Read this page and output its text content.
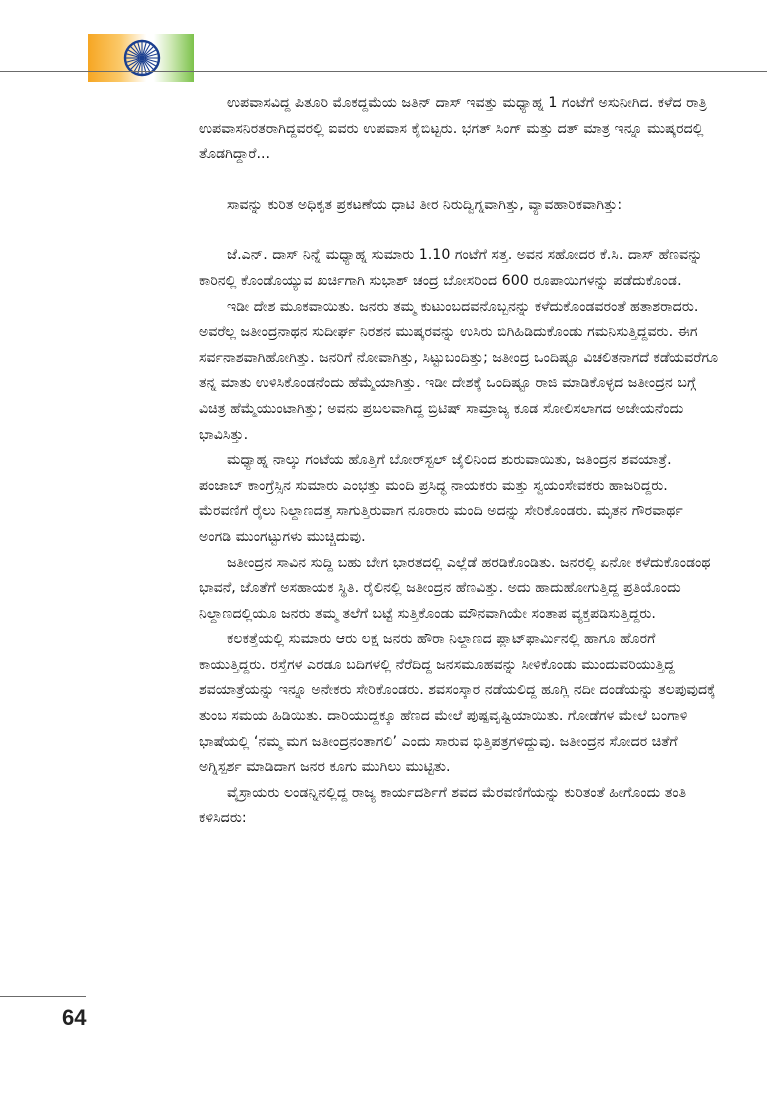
ಉಪವಾಸವಿದ್ದ ಪಿತೂರಿ ಮೊಕದ್ದಮೆಯ ಜತಿನ್ ದಾಸ್ ಇವತ್ತು ಮಧ್ಯಾಹ್ನ 1 ಗಂಟೆಗೆ ಅಸುನೀಗಿದ. ಕಳೆದ ರಾತ್ರಿ ಉಪವಾಸನಿರತರಾಗಿದ್ದವರಲ್ಲಿ ಐವರು ಉಪವಾಸ ಕೈಬಿಟ್ಟರು. ಭಗತ್ ಸಿಂಗ್ ಮತ್ತು ದತ್ ಮಾತ್ರ ಇನ್ನೂ ಮುಷ್ಕರದಲ್ಲಿ ತೊಡಗಿದ್ದಾರೆ...

ಸಾವನ್ನು ಕುರಿತ ಅಧಿಕೃತ ಪ್ರಕಟಣೆಯ ಧಾಟಿ ತೀರ ನಿರುದ್ವಿಗ್ನವಾಗಿತ್ತು, ವ್ಯಾವಹಾರಿಕವಾಗಿತ್ತು:

ಜೆ.ಎನ್. ದಾಸ್ ನಿನ್ನೆ ಮಧ್ಯಾಹ್ನ ಸುಮಾರು 1.10 ಗಂಟೆಗೆ ಸತ್ತ. ಅವನ ಸಹೋದರ ಕೆ.ಸಿ. ದಾಸ್ ಹೆಣವನ್ನು ಕಾರಿನಲ್ಲಿ ಕೊಂಡೊಯ್ಯುವ ಖರ್ಚಿಗಾಗಿ ಸುಭಾಶ್ ಚಂದ್ರ ಬೋಸರಿಂದ 600 ರೂಪಾಯಿಗಳನ್ನು ಪಡೆದುಕೊಂಡ.

ಇಡೀ ದೇಶ ಮೂಕವಾಯಿತು. ಜನರು ತಮ್ಮ ಕುಟುಂಬದವನೊಬ್ಬನನ್ನು ಕಳೆದುಕೊಂಡವರಂತೆ ಹತಾಶರಾದರು. ಅವರೆಲ್ಲ ಜತೀಂದ್ರನಾಥನ ಸುದೀರ್ಘ ನಿರಶನ ಮುಷ್ಕರವನ್ನು ಉಸಿರು ಬಿಗಿಹಿಡಿದುಕೊಂಡು ಗಮನಿಸುತ್ತಿದ್ದವರು. ಈಗ ಸರ್ವನಾಶವಾಗಿಹೋಗಿತ್ತು. ಜನರಿಗೆ ನೋವಾಗಿತ್ತು, ಸಿಟ್ಟುಬಂದಿತ್ತು; ಜತೀಂದ್ರ ಒಂದಿಷ್ಟೂ ವಿಚಲಿತನಾಗದೆ ಕಡೆಯವರೆಗೂ ತನ್ನ ಮಾತು ಉಳಿಸಿಕೊಂಡನೆಂದು ಹೆಮ್ಮೆಯಾಗಿತ್ತು. ಇಡೀ ದೇಶಕ್ಕೆ ಒಂದಿಷ್ಟೂ ರಾಜಿ ಮಾಡಿಕೊಳ್ಳದ ಜತೀಂದ್ರನ ಬಗ್ಗೆ ವಿಚಿತ್ರ ಹೆಮ್ಮೆಯುಂಟಾಗಿತ್ತು; ಅವನು ಪ್ರಬಲವಾಗಿದ್ದ ಬ್ರಿಟಿಷ್ ಸಾಮ್ರಾಜ್ಯ ಕೂಡ ಸೋಲಿಸಲಾಗದ ಅಜೇಯನೆಂದು ಭಾವಿಸಿತ್ತು.

ಮಧ್ಯಾಹ್ನ ನಾಲ್ಕು ಗಂಟೆಯ ಹೊತ್ತಿಗೆ ಬೋರ್‌ಸ್ಟಲ್ ಜೈಲಿನಿಂದ ಶುರುವಾಯಿತು, ಜತಿಂದ್ರನ ಶವಯಾತ್ರೆ. ಪಂಜಾಬ್ ಕಾಂಗ್ರೆಸ್ಸಿನ ಸುಮಾರು ಎಂಭತ್ತು ಮಂದಿ ಪ್ರಸಿದ್ಧ ನಾಯಕರು ಮತ್ತು ಸ್ವಯಂಸೇವಕರು ಹಾಜರಿದ್ದರು. ಮೆರವಣಿಗೆ ರೈಲು ನಿಲ್ದಾಣದತ್ತ ಸಾಗುತ್ತಿರುವಾಗ ನೂರಾರು ಮಂದಿ ಅದನ್ನು ಸೇರಿಕೊಂಡರು. ಮೃತನ ಗೌರವಾರ್ಥ ಅಂಗಡಿ ಮುಂಗಟ್ಟುಗಳು ಮುಚ್ಚಿದುವು.

ಜತೀಂದ್ರನ ಸಾವಿನ ಸುದ್ದಿ ಬಹು ಬೇಗ ಭಾರತದಲ್ಲಿ ಎಲ್ಲೆಡೆ ಹರಡಿಕೊಂಡಿತು. ಜನರಲ್ಲಿ ಏನೋ ಕಳೆದುಕೊಂಡಂಥ ಭಾವನೆ, ಜೊತೆಗೆ ಅಸಹಾಯಕ ಸ್ಥಿತಿ. ರೈಲಿನಲ್ಲಿ ಜತೀಂದ್ರನ ಹೆಣವಿತ್ತು. ಅದು ಹಾದುಹೋಗುತ್ತಿದ್ದ ಪ್ರತಿಯೊಂದು ನಿಲ್ದಾಣದಲ್ಲಿಯೂ ಜನರು ತಮ್ಮ ತಲೆಗೆ ಬಟ್ಟೆ ಸುತ್ತಿಕೊಂಡು ಮೌನವಾಗಿಯೇ ಸಂತಾಪ ವ್ಯಕ್ತಪಡಿಸುತ್ತಿದ್ದರು.

ಕಲಕತ್ತೆಯಲ್ಲಿ ಸುಮಾರು ಆರು ಲಕ್ಷ ಜನರು ಹೌರಾ ನಿಲ್ದಾಣದ ಪ್ಲಾಟ್‌ಫಾರ್ಮಿನಲ್ಲಿ ಹಾಗೂ ಹೊರಗೆ ಕಾಯುತ್ತಿದ್ದರು. ರಸ್ತೆಗಳ ಎರಡೂ ಬದಿಗಳಲ್ಲಿ ನೆರೆದಿದ್ದ ಜನಸಮೂಹವನ್ನು ಸೀಳಿಕೊಂಡು ಮುಂದುವರಿಯುತ್ತಿದ್ದ ಶವಯಾತ್ರೆಯನ್ನು ಇನ್ನೂ ಅನೇಕರು ಸೇರಿಕೊಂಡರು. ಶವಸಂಸ್ಕಾರ ನಡೆಯಲಿದ್ದ ಹೂಗ್ಲಿ ನದೀ ದಂಡೆಯನ್ನು ತಲಪುವುದಕ್ಕೆ ತುಂಬ ಸಮಯ ಹಿಡಿಯಿತು. ದಾರಿಯುದ್ದಕ್ಕೂ ಹೆಣದ ಮೇಲೆ ಪುಷ್ಪವೃಷ್ಟಿಯಾಯಿತು. ಗೋಡೆಗಳ ಮೇಲೆ ಬಂಗಾಳಿ ಭಾಷೆಯಲ್ಲಿ ‘ನಮ್ಮ ಮಗ ಜತೀಂದ್ರನಂತಾಗಲಿ’ ಎಂದು ಸಾರುವ ಭಿತ್ತಿಪತ್ರಗಳಿದ್ದುವು. ಜತೀಂದ್ರನ ಸೋದರ ಚಿತೆಗೆ ಅಗ್ನಿಸ್ಪರ್ಶ ಮಾಡಿದಾಗ ಜನರ ಕೂಗು ಮುಗಿಲು ಮುಟ್ಟಿತು.

ವೈಸ್ರಾಯರು ಲಂಡನ್ನಿನಲ್ಲಿದ್ದ ರಾಜ್ಯ ಕಾರ್ಯದರ್ಶಿಗೆ ಶವದ ಮೆರವಣಿಗೆಯನ್ನು ಕುರಿತಂತೆ ಹೀಗೊಂದು ತಂತಿ ಕಳಿಸಿದರು:

64
